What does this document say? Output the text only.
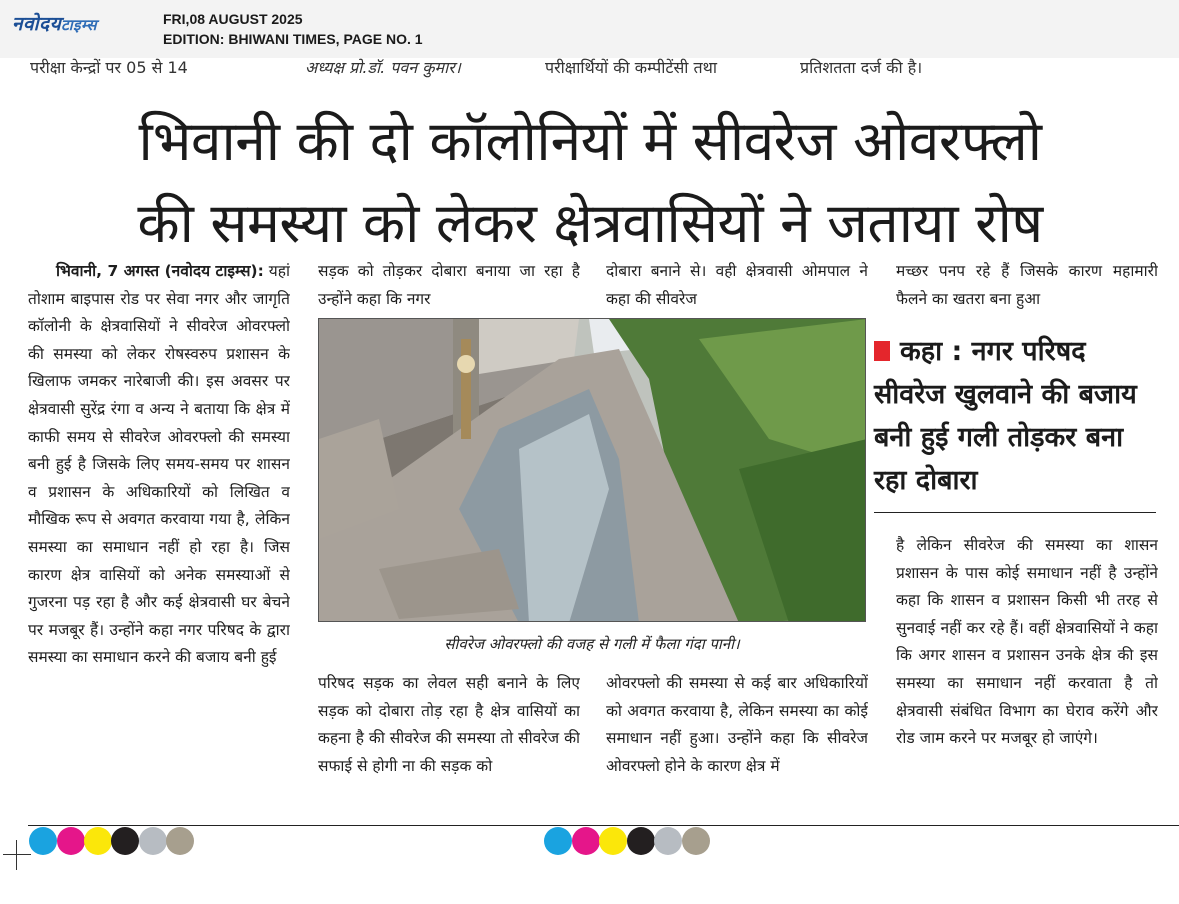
नवोदयटाइम्स	FRI,08 AUGUST 2025
EDITION: BHIWANI TIMES, PAGE NO. 1
परीक्षा केन्द्रों पर 05 से 14	अध्यक्ष प्रो.डॉ. पवन कुमार।	परीक्षार्थियों की कम्पीटेंसी तथा	प्रतिशतता दर्ज की है।
भिवानी की दो कॉलोनियों में सीवरेज ओवरफ्लो
की समस्या को लेकर क्षेत्रवासियों ने जताया रोष

भिवानी, 7 अगस्त (नवोदय टाइम्स): यहां तोशाम बाइपास रोड पर सेवा नगर और जागृति कॉलोनी के क्षेत्रवासियों ने सीवरेज ओवरफ्लो की समस्या को लेकर रोषस्वरुप प्रशासन के खिलाफ जमकर नारेबाजी की। इस अवसर पर क्षेत्रवासी सुरेंद्र रंगा व अन्य ने बताया कि क्षेत्र में काफी समय से सीवरेज ओवरफ्लो की समस्या बनी हुई है जिसके लिए समय-समय पर शासन व प्रशासन के अधिकारियों को लिखित व मौखिक रूप से अवगत करवाया गया है, लेकिन समस्या का समाधान नहीं हो रहा है। जिस कारण क्षेत्र वासियों को अनेक समस्याओं से गुजरना पड़ रहा है और कई क्षेत्रवासी घर बेचने पर मजबूर हैं। उन्होंने कहा नगर परिषद के द्वारा समस्या का समाधान करने की बजाय बनी हुई

सड़क को तोड़कर दोबारा बनाया जा रहा है उन्होंने कहा कि नगर

दोबारा बनाने से। वही क्षेत्रवासी ओमपाल ने कहा की सीवरेज

मच्छर पनप रहे हैं जिसके कारण महामारी फैलने का खतरा बना हुआ

सीवरेज ओवरफ्लो की वजह से गली में फैला गंदा पानी।
कहा : नगर परिषद सीवरेज खुलवाने की बजाय बनी हुई गली तोड़कर बना रहा दोबारा

परिषद सड़क का लेवल सही बनाने के लिए सड़क को दोबारा तोड़ रहा है क्षेत्र वासियों का कहना है की सीवरेज की समस्या तो सीवरेज की सफाई से होगी ना की सड़क को

ओवरफ्लो की समस्या से कई बार अधिकारियों को अवगत करवाया है, लेकिन समस्या का कोई समाधान नहीं हुआ। उन्होंने कहा कि सीवरेज ओवरफ्लो होने के कारण क्षेत्र में

है लेकिन सीवरेज की समस्या का शासन प्रशासन के पास कोई समाधान नहीं है उन्होंने कहा कि शासन व प्रशासन किसी भी तरह से सुनवाई नहीं कर रहे हैं। वहीं क्षेत्रवासियों ने कहा कि अगर शासन व प्रशासन उनके क्षेत्र की इस समस्या का समाधान नहीं करवाता है तो क्षेत्रवासी संबंधित विभाग का घेराव करेंगे और रोड जाम करने पर मजबूर हो जाएंगे।
